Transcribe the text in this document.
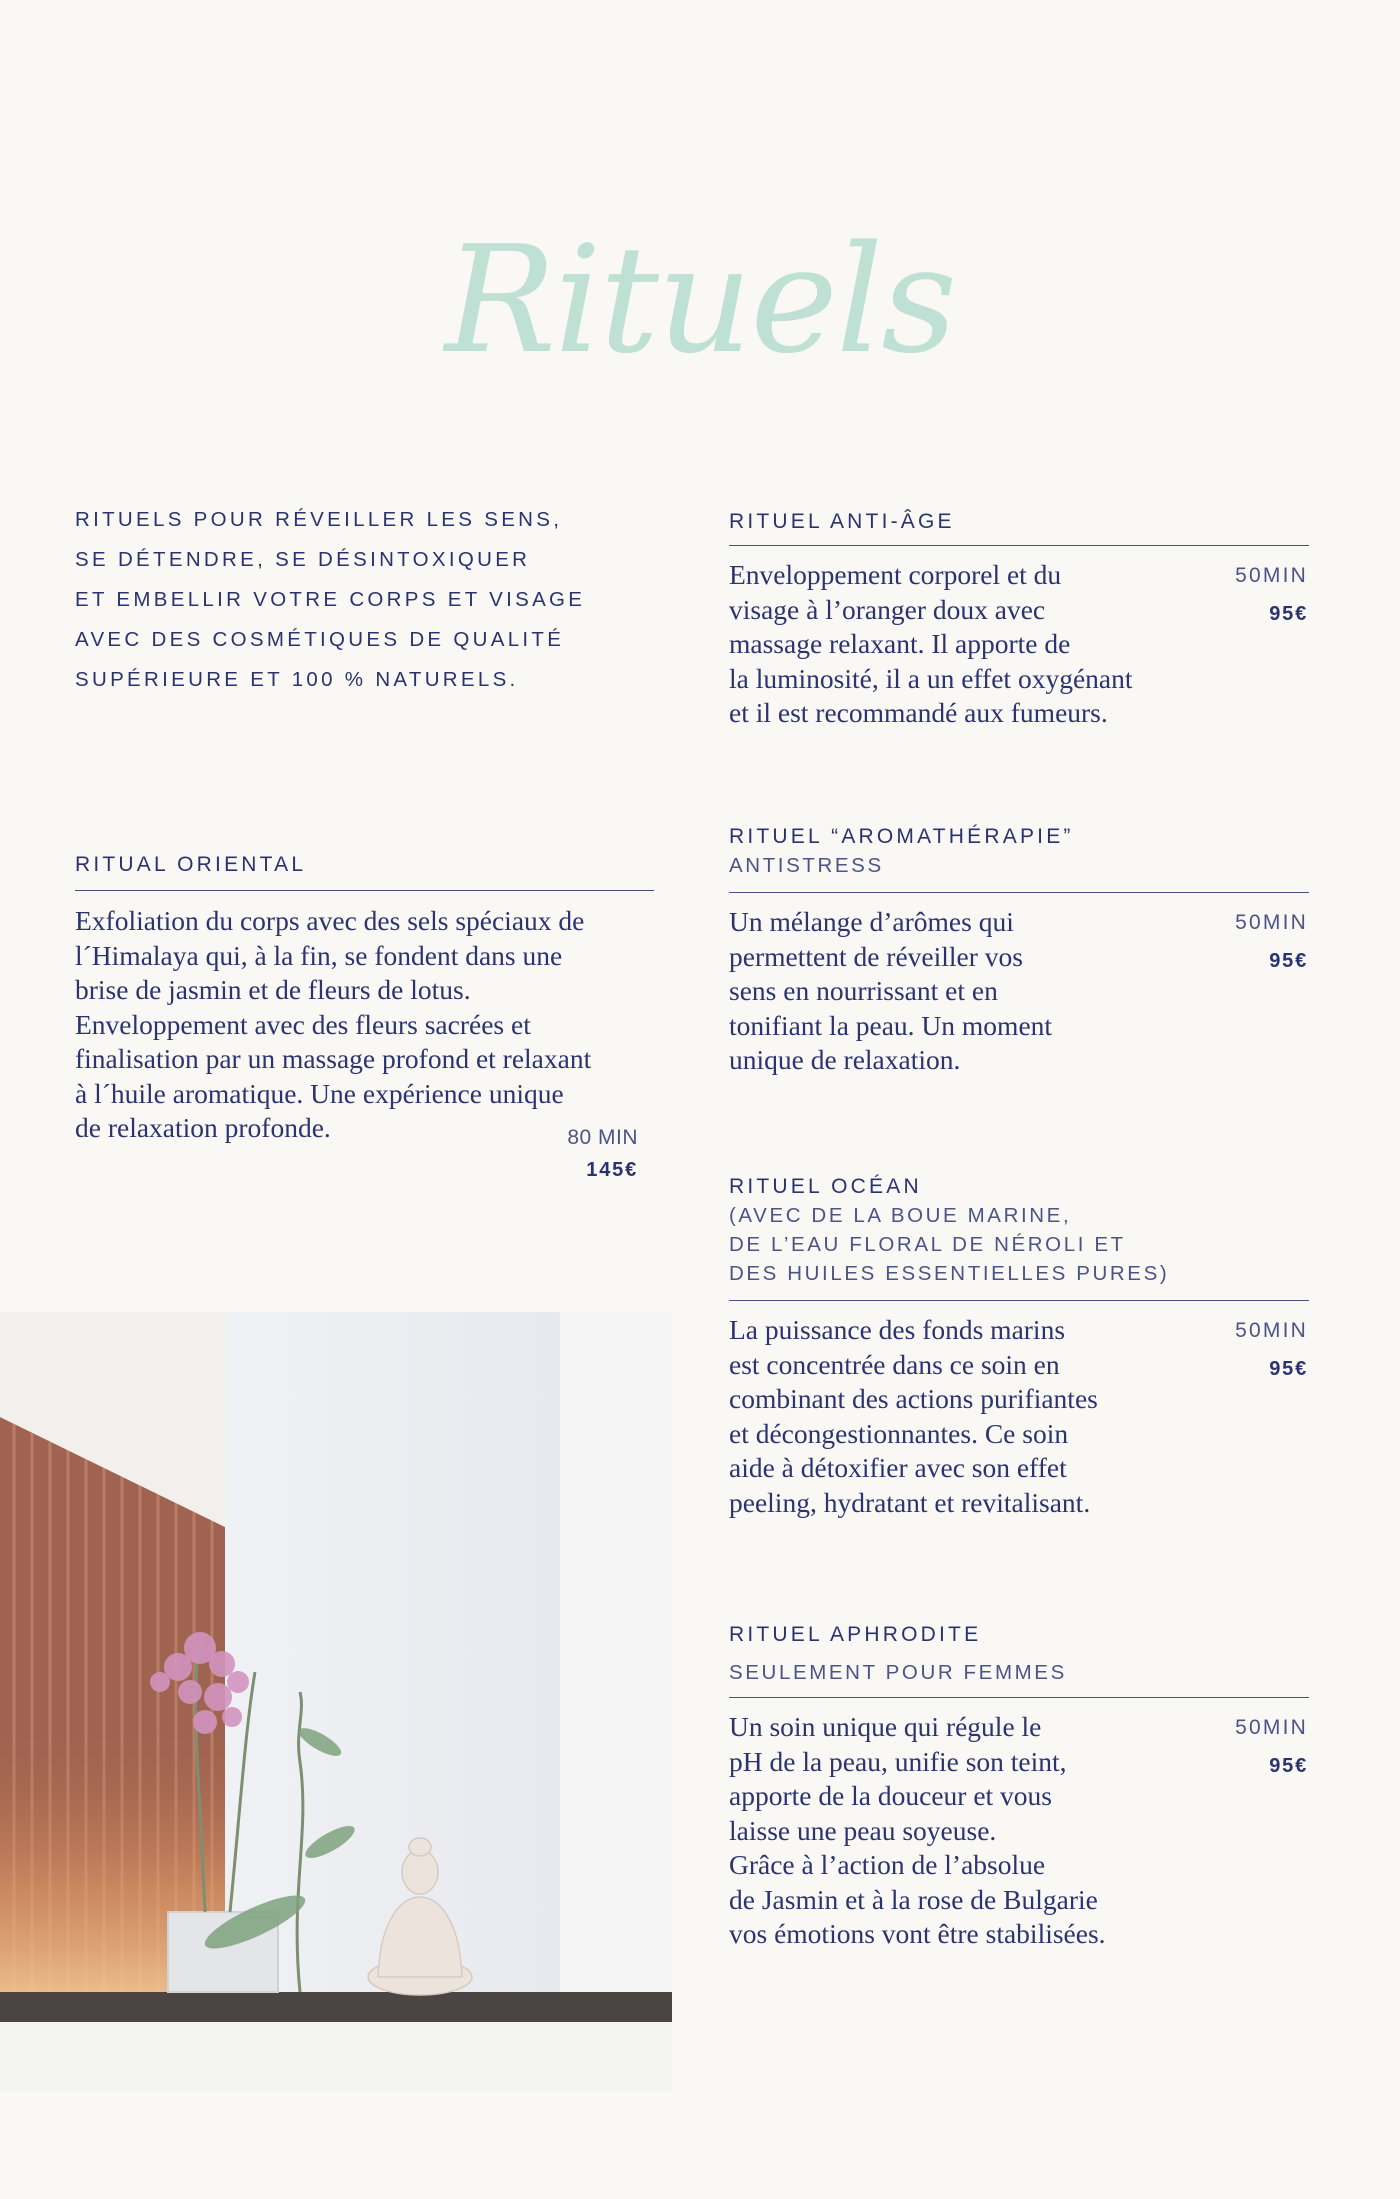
Rituels
RITUELS POUR RÉVEILLER LES SENS,
SE DÉTENDRE, SE DÉSINTOXIQUER
ET EMBELLIR VOTRE CORPS ET VISAGE
AVEC DES COSMÉTIQUES DE QUALITÉ
SUPÉRIEURE ET 100 % NATURELS.
RITUEL ANTI-ÂGE
Enveloppement corporel et du
visage à l’oranger doux avec
massage relaxant. Il apporte de
la luminosité, il a un effet oxygénant
et il est recommandé aux fumeurs.
50MIN
95€
RITUAL ORIENTAL
Exfoliation du corps avec des sels spéciaux de
l´Himalaya qui, à la fin, se fondent dans une
brise de jasmin et de fleurs de lotus.
Enveloppement avec des fleurs sacrées et
finalisation par un massage profond et relaxant
à l´huile aromatique. Une expérience unique
de relaxation profonde.	80 MIN
145€
RITUEL “AROMATHÉRAPIE”
ANTISTRESS
Un mélange d’arômes qui
permettent de réveiller vos
sens en nourrissant et en
tonifiant la peau. Un moment
unique de relaxation.
50MIN
95€
RITUEL OCÉAN
(AVEC DE LA BOUE MARINE,
DE L’EAU FLORAL DE NÉROLI ET
DES HUILES ESSENTIELLES PURES)
La puissance des fonds marins
est concentrée dans ce soin en
combinant des actions purifiantes
et décongestionnantes. Ce soin
aide à détoxifier avec son effet
peeling, hydratant et revitalisant.
50MIN
95€
RITUEL APHRODITE
SEULEMENT POUR FEMMES
Un soin unique qui régule le
pH de la peau, unifie son teint,
apporte de la douceur et vous
laisse une peau soyeuse.
Grâce à l’action de l’absolue
de Jasmin et à la rose de Bulgarie
vos émotions vont être stabilisées.
50MIN
95€
